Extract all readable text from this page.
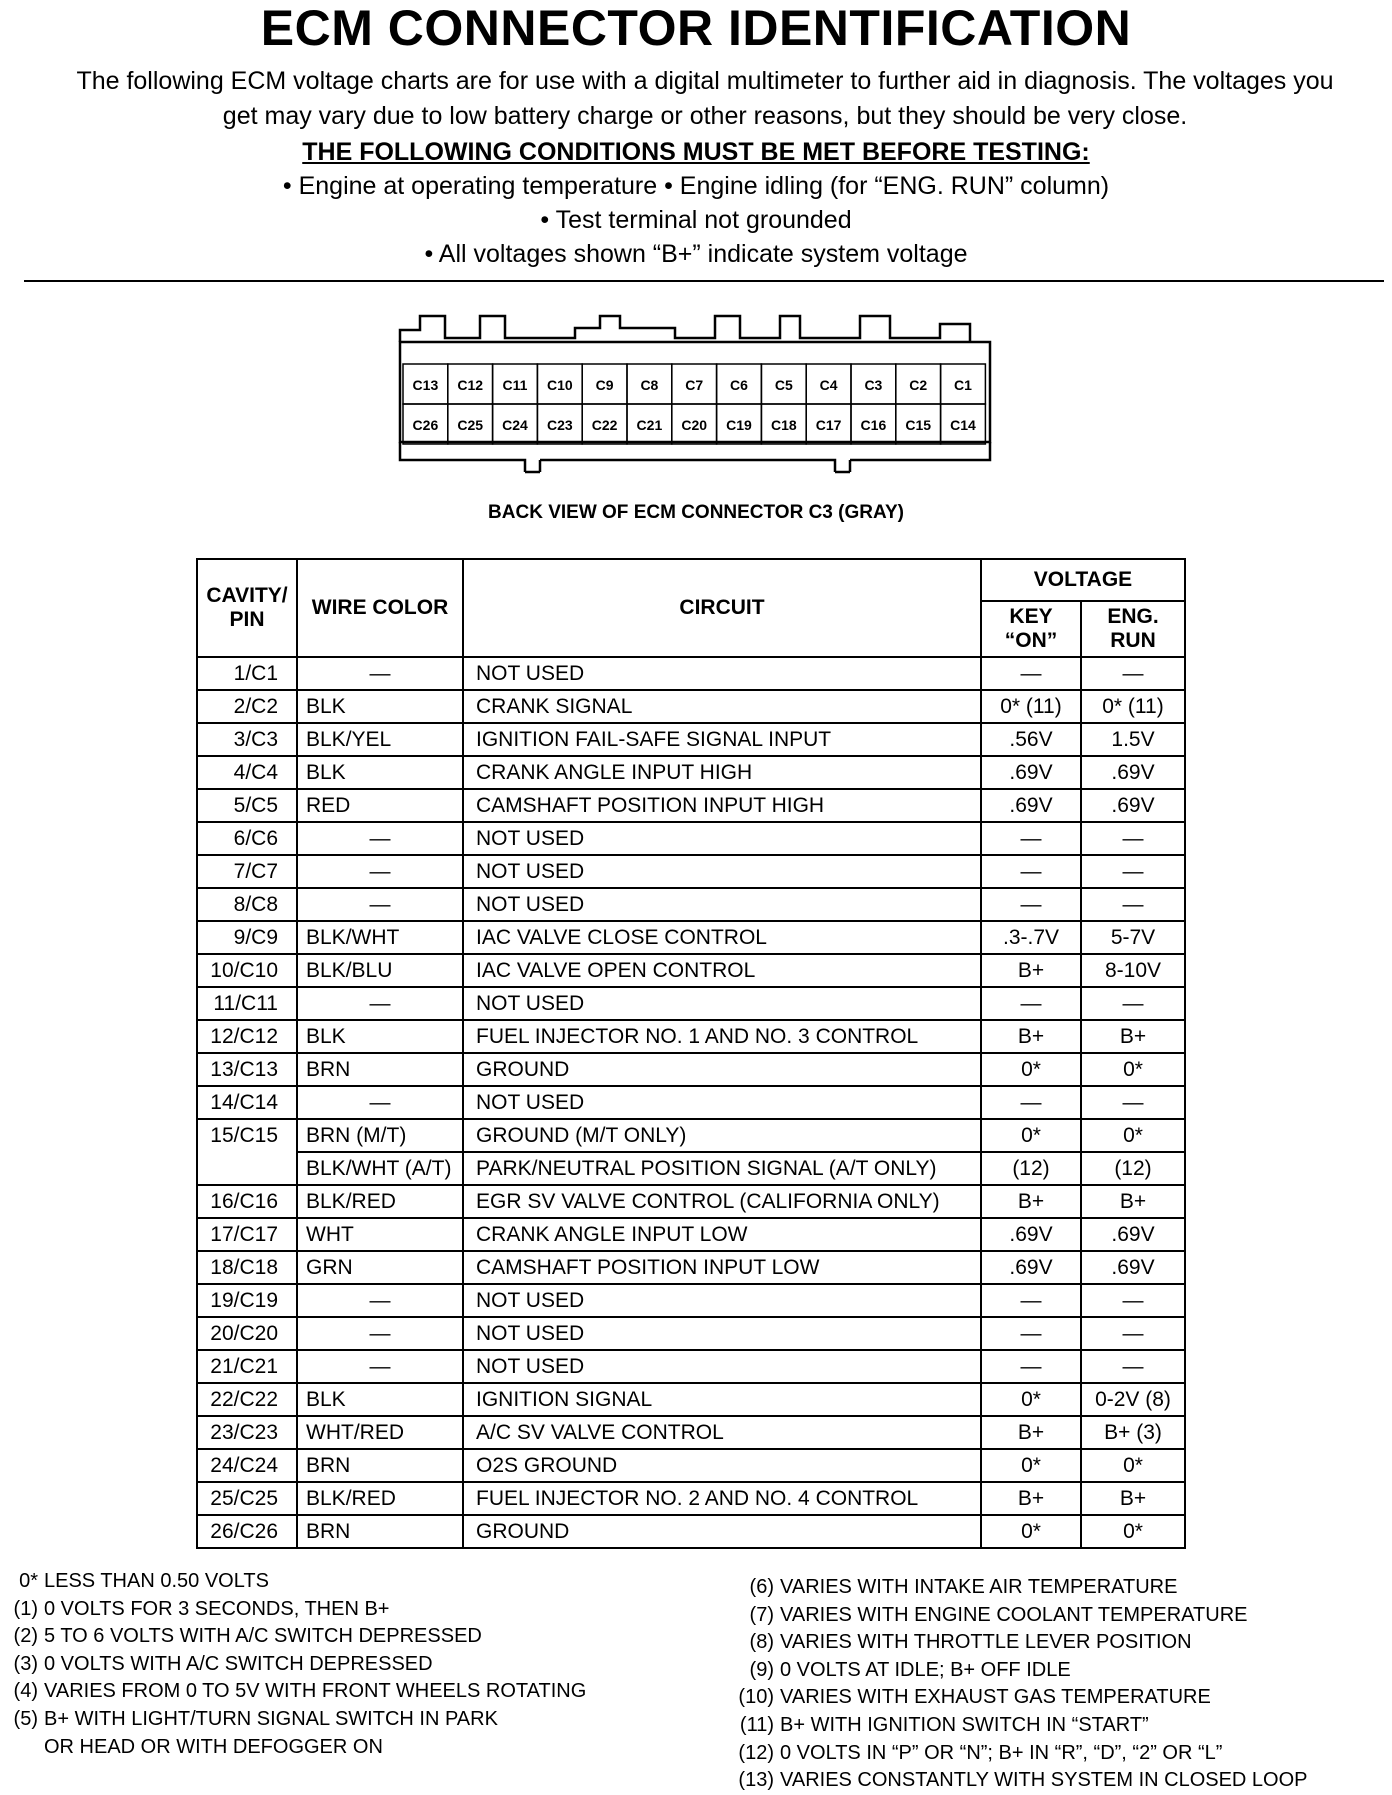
ECM CONNECTOR IDENTIFICATION
The following ECM voltage charts are for use with a digital multimeter to further aid in diagnosis. The voltages you get may vary due to low battery charge or other reasons, but they should be very close.
THE FOLLOWING CONDITIONS MUST BE MET BEFORE TESTING:
• Engine at operating temperature • Engine idling (for “ENG. RUN” column)
• Test terminal not grounded
• All voltages shown “B+” indicate system voltage
C13 C12 C11 C10 C9 C8 C7 C6 C5 C4 C3 C2 C1
C26 C25 C24 C23 C22 C21 C20 C19 C18 C17 C16 C15 C14
BACK VIEW OF ECM CONNECTOR C3 (GRAY)
CAVITY/ PIN	WIRE COLOR	CIRCUIT	VOLTAGE	
			KEY “ON”	ENG. RUN
1/C1	—	NOT USED	—	—
2/C2	BLK	CRANK SIGNAL	0* (11)	0* (11)
3/C3	BLK/YEL	IGNITION FAIL-SAFE SIGNAL INPUT	.56V	1.5V
4/C4	BLK	CRANK ANGLE INPUT HIGH	.69V	.69V
5/C5	RED	CAMSHAFT POSITION INPUT HIGH	.69V	.69V
6/C6	—	NOT USED	—	—
7/C7	—	NOT USED	—	—
8/C8	—	NOT USED	—	—
9/C9	BLK/WHT	IAC VALVE CLOSE CONTROL	.3-.7V	5-7V
10/C10	BLK/BLU	IAC VALVE OPEN CONTROL	B+	8-10V
11/C11	—	NOT USED	—	—
12/C12	BLK	FUEL INJECTOR NO. 1 AND NO. 3 CONTROL	B+	B+
13/C13	BRN	GROUND	0*	0*
14/C14	—	NOT USED	—	—
15/C15	BRN (M/T)	GROUND (M/T ONLY)	0*	0*
	BLK/WHT (A/T)	PARK/NEUTRAL POSITION SIGNAL (A/T ONLY)	(12)	(12)
16/C16	BLK/RED	EGR SV VALVE CONTROL (CALIFORNIA ONLY)	B+	B+
17/C17	WHT	CRANK ANGLE INPUT LOW	.69V	.69V
18/C18	GRN	CAMSHAFT POSITION INPUT LOW	.69V	.69V
19/C19	—	NOT USED	—	—
20/C20	—	NOT USED	—	—
21/C21	—	NOT USED	—	—
22/C22	BLK	IGNITION SIGNAL	0*	0-2V (8)
23/C23	WHT/RED	A/C SV VALVE CONTROL	B+	B+ (3)
24/C24	BRN	O2S GROUND	0*	0*
25/C25	BLK/RED	FUEL INJECTOR NO. 2 AND NO. 4 CONTROL	B+	B+
26/C26	BRN	GROUND	0*	0*
0* LESS THAN 0.50 VOLTS
(1) 0 VOLTS FOR 3 SECONDS, THEN B+
(2) 5 TO 6 VOLTS WITH A/C SWITCH DEPRESSED
(3) 0 VOLTS WITH A/C SWITCH DEPRESSED
(4) VARIES FROM 0 TO 5V WITH FRONT WHEELS ROTATING
(5) B+ WITH LIGHT/TURN SIGNAL SWITCH IN PARK
OR HEAD OR WITH DEFOGGER ON
(6) VARIES WITH INTAKE AIR TEMPERATURE
(7) VARIES WITH ENGINE COOLANT TEMPERATURE
(8) VARIES WITH THROTTLE LEVER POSITION
(9) 0 VOLTS AT IDLE; B+ OFF IDLE
(10) VARIES WITH EXHAUST GAS TEMPERATURE
(11) B+ WITH IGNITION SWITCH IN “START”
(12) 0 VOLTS IN “P” OR “N”; B+ IN “R”, “D”, “2” OR “L”
(13) VARIES CONSTANTLY WITH SYSTEM IN CLOSED LOOP
